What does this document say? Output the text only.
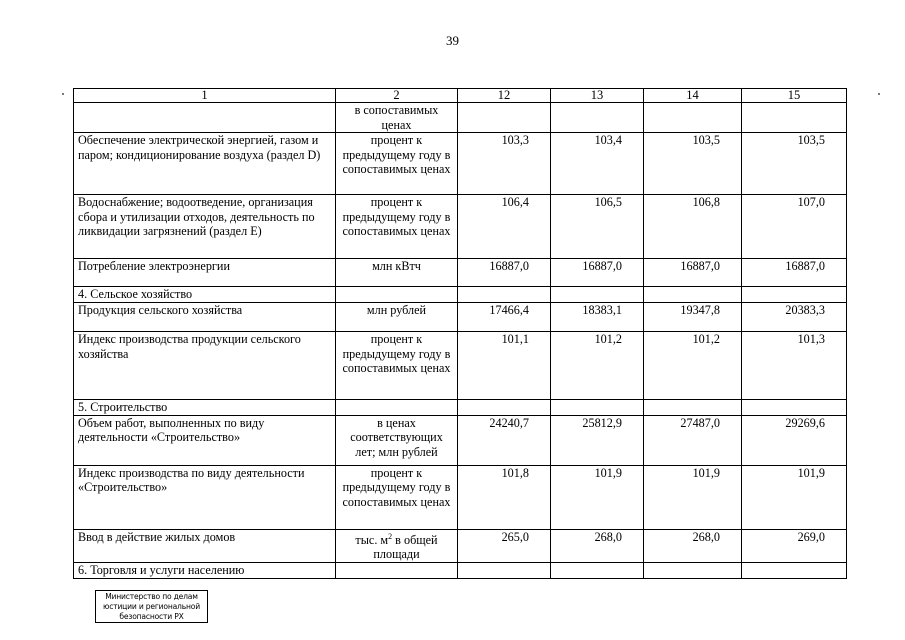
39
1	2	12	13	14	15
	в сопоставимых ценах				
Обеспечение электрической энергией, газом и паром; кондиционирование воздуха (раздел D)	процент к предыдущему году в сопоставимых ценах	103,3	103,4	103,5	103,5
Водоснабжение; водоотведение, организация сбора и утилизации отходов, деятельность по ликвидации загрязнений (раздел E)	процент к предыдущему году в сопоставимых ценах	106,4	106,5	106,8	107,0
Потребление электроэнергии	млн кВтч	16887,0	16887,0	16887,0	16887,0
4. Сельское хозяйство					
Продукция сельского хозяйства	млн рублей	17466,4	18383,1	19347,8	20383,3
Индекс производства продукции сельского хозяйства	процент к предыдущему году в сопоставимых ценах	101,1	101,2	101,2	101,3
5. Строительство					
Объем работ, выполненных по виду деятельности «Строительство»	в ценах соответствующих лет; млн рублей	24240,7	25812,9	27487,0	29269,6
Индекс производства по виду деятельности «Строительство»	процент к предыдущему году в сопоставимых ценах	101,8	101,9	101,9	101,9
Ввод в действие жилых домов	тыс. $м^2$ в общей площади	265,0	268,0	268,0	269,0
6. Торговля и услуги населению					
Министерство по делам
юстиции и региональной
безопасности РХ
